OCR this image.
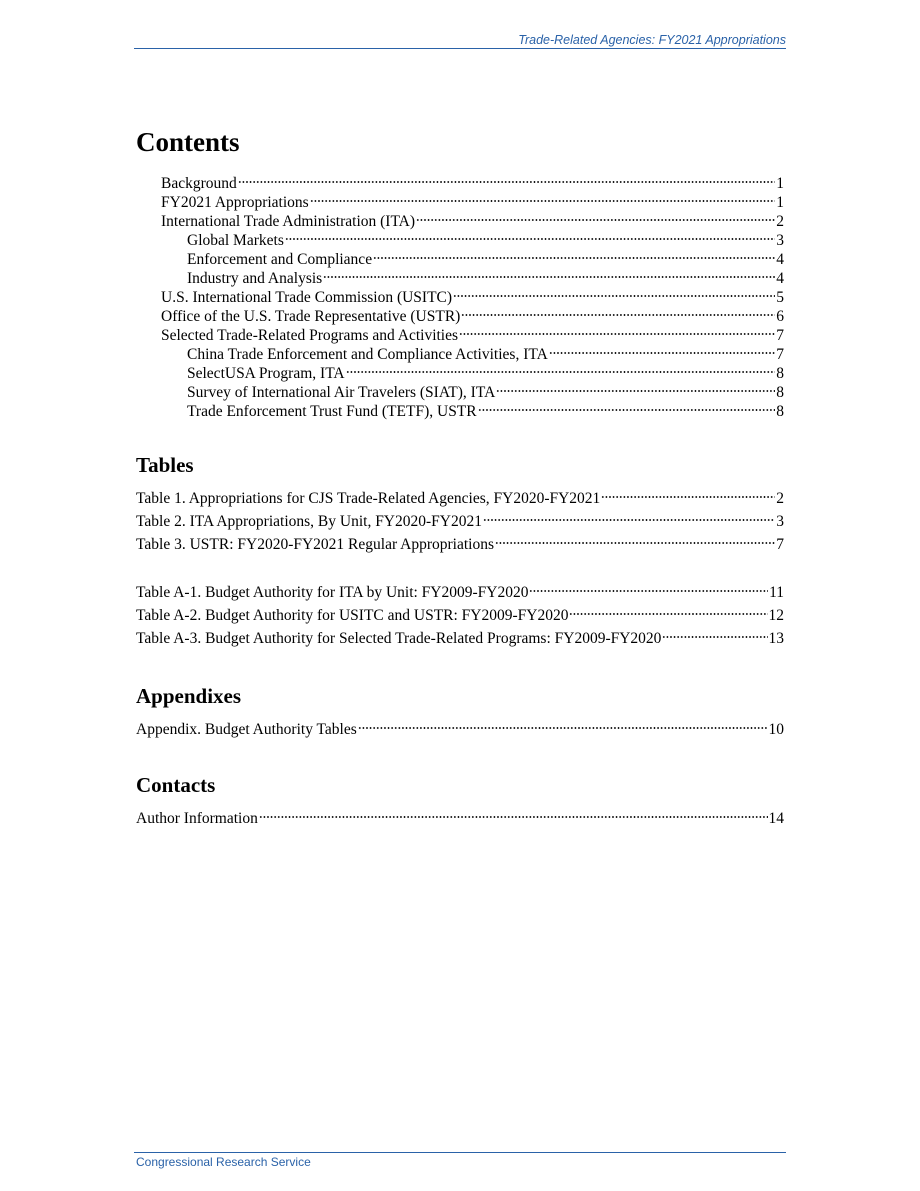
Trade-Related Agencies: FY2021 Appropriations
Contents
Background	1
FY2021 Appropriations	1
International Trade Administration (ITA)	2
Global Markets	3
Enforcement and Compliance	4
Industry and Analysis	4
U.S. International Trade Commission (USITC)	5
Office of the U.S. Trade Representative (USTR)	6
Selected Trade-Related Programs and Activities	7
China Trade Enforcement and Compliance Activities, ITA	7
SelectUSA Program, ITA	8
Survey of International Air Travelers (SIAT), ITA	8
Trade Enforcement Trust Fund (TETF), USTR	8
Tables
Table 1. Appropriations for CJS Trade-Related Agencies, FY2020-FY2021	2
Table 2. ITA Appropriations, By Unit, FY2020-FY2021	3
Table 3. USTR: FY2020-FY2021 Regular Appropriations	7
Table A-1. Budget Authority for ITA by Unit: FY2009-FY2020	11
Table A-2. Budget Authority for USITC and USTR: FY2009-FY2020	12
Table A-3. Budget Authority for Selected Trade-Related Programs: FY2009-FY2020	13
Appendixes
Appendix. Budget Authority Tables	10
Contacts
Author Information	14
Congressional Research Service
